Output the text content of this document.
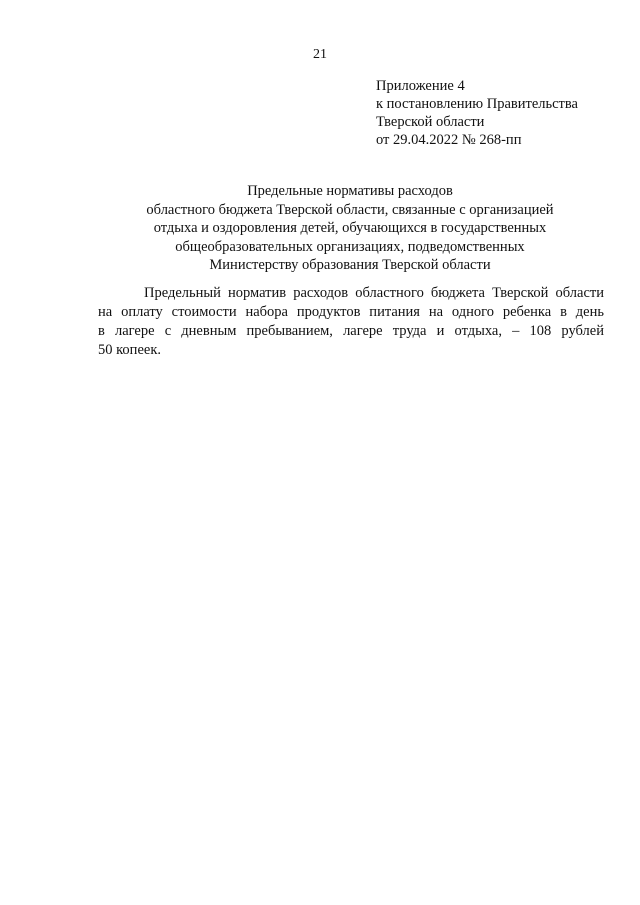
21
Приложение 4
к постановлению Правительства
Тверской области
от 29.04.2022 № 268-пп
Предельные нормативы расходов
областного бюджета Тверской области, связанные с организацией
отдыха и оздоровления детей, обучающихся в государственных
общеобразовательных организациях, подведомственных
Министерству образования Тверской области
Предельный норматив расходов областного бюджета Тверской области
на оплату стоимости набора продуктов питания на одного ребенка в день
в лагере с дневным пребыванием, лагере труда и отдыха, – 108 рублей
50 копеек.
